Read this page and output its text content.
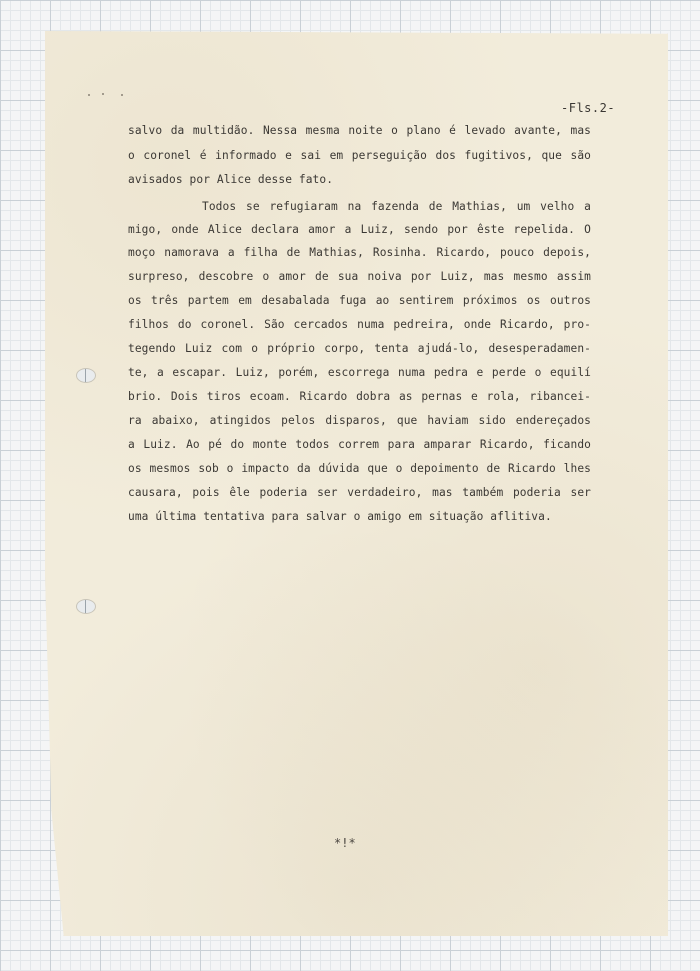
-Fls.2-
salvo da multidão. Nessa mesma noite o plano é levado avante, mas
o coronel é informado e sai em perseguição dos fugitivos, que são
avisados por Alice desse fato.
Todos se refugiaram na fazenda de Mathias, um velho a
migo, onde Alice declara amor a Luiz, sendo por êste repelida. O
moço namorava a filha de Mathias, Rosinha. Ricardo, pouco depois,
surpreso, descobre o amor de sua noiva por Luiz, mas mesmo assim
os três partem em desabalada fuga ao sentirem próximos os outros
filhos do coronel. São cercados numa pedreira, onde Ricardo, pro-
tegendo Luiz com o próprio corpo, tenta ajudá-lo, desesperadamen-
te, a escapar. Luiz, porém, escorrega numa pedra e perde o equilí
brio. Dois tiros ecoam. Ricardo dobra as pernas e rola, ribancei-
ra abaixo, atingidos pelos disparos, que haviam sido endereçados
a Luiz. Ao pé do monte todos correm para amparar Ricardo, ficando
os mesmos sob o impacto da dúvida que o depoimento de Ricardo lhes
causara, pois êle poderia ser verdadeiro, mas também poderia ser
uma última tentativa para salvar o amigo em situação aflitiva.
*!*
